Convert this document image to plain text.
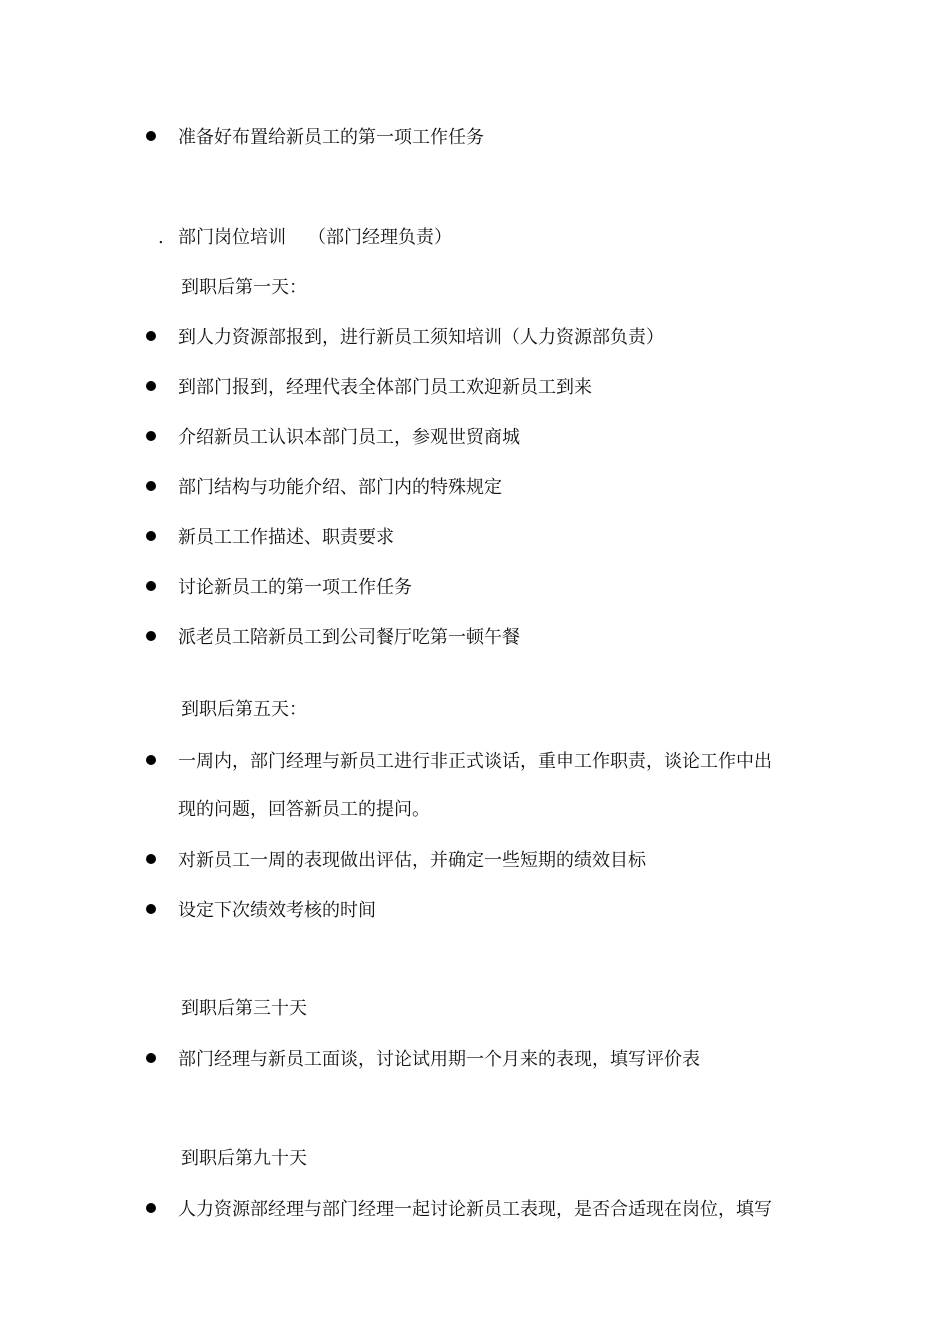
准备好布置给新员工的第一项工作任务
. 部门岗位培训 （部门经理负责）
到职后第一天：
到人力资源部报到，进行新员工须知培训（人力资源部负责）
到部门报到，经理代表全体部门员工欢迎新员工到来
介绍新员工认识本部门员工，参观世贸商城
部门结构与功能介绍、部门内的特殊规定
新员工工作描述、职责要求
讨论新员工的第一项工作任务
派老员工陪新员工到公司餐厅吃第一顿午餐
到职后第五天：
一周内，部门经理与新员工进行非正式谈话，重申工作职责，谈论工作中出
现的问题，回答新员工的提问。
对新员工一周的表现做出评估，并确定一些短期的绩效目标
设定下次绩效考核的时间
到职后第三十天
部门经理与新员工面谈，讨论试用期一个月来的表现，填写评价表
到职后第九十天
人力资源部经理与部门经理一起讨论新员工表现，是否合适现在岗位，填写
